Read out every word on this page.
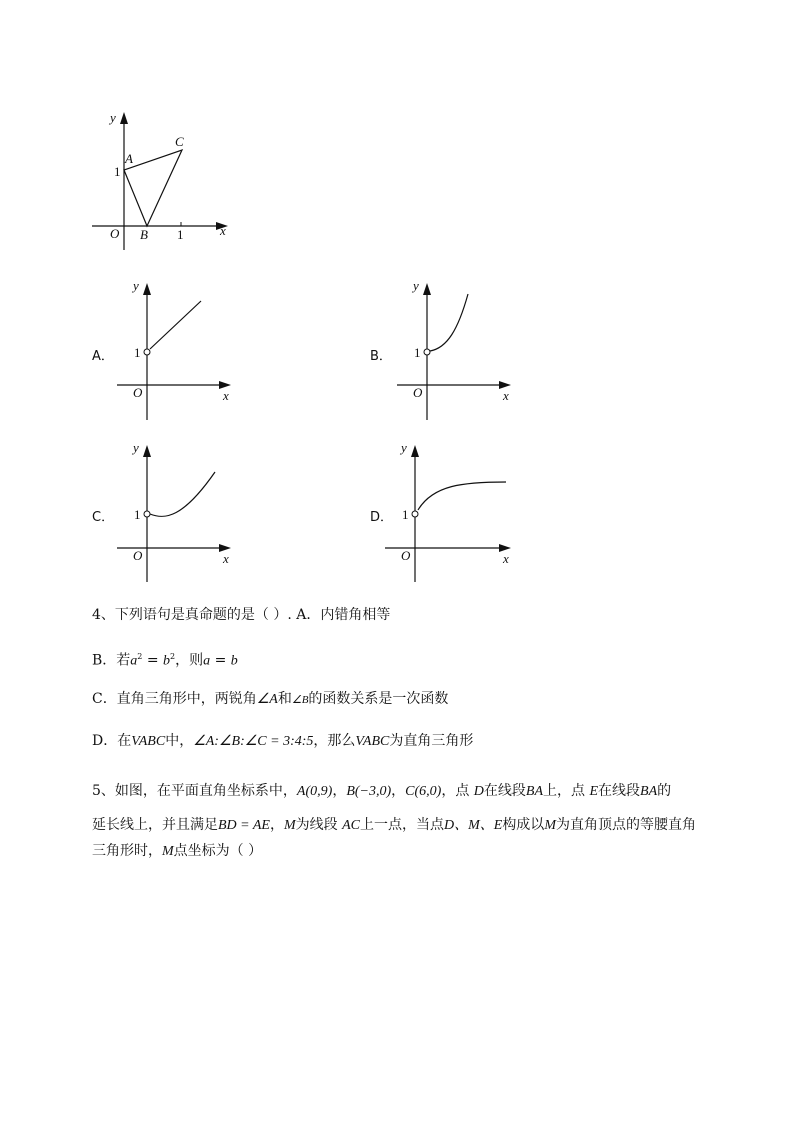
y
x
O
A
B
C
1
1
A．
y
x
O
1	B．
y
x
O
1
C．
y
x
O
1	D．
y
x
O
1
4、下列语句是真命题的是（ ）. A．内错角相等
B．若$a^2 = b^2$，则a = b
C．直角三角形中，两锐角∠A和∠B的函数关系是一次函数
D．在VABC中，∠A:∠B:∠C = 3:4:5，那么VABC为直角三角形
5、如图，在平面直角坐标系中，A(0,9)，B(−3,0)，C(6,0)，点 D在线段BA上，点 E在线段BA的
延长线上，并且满足BD = AE，M为线段 AC上一点，当点D、M、E构成以M为直角顶点的等腰直角
三角形时，M点坐标为（ ）
